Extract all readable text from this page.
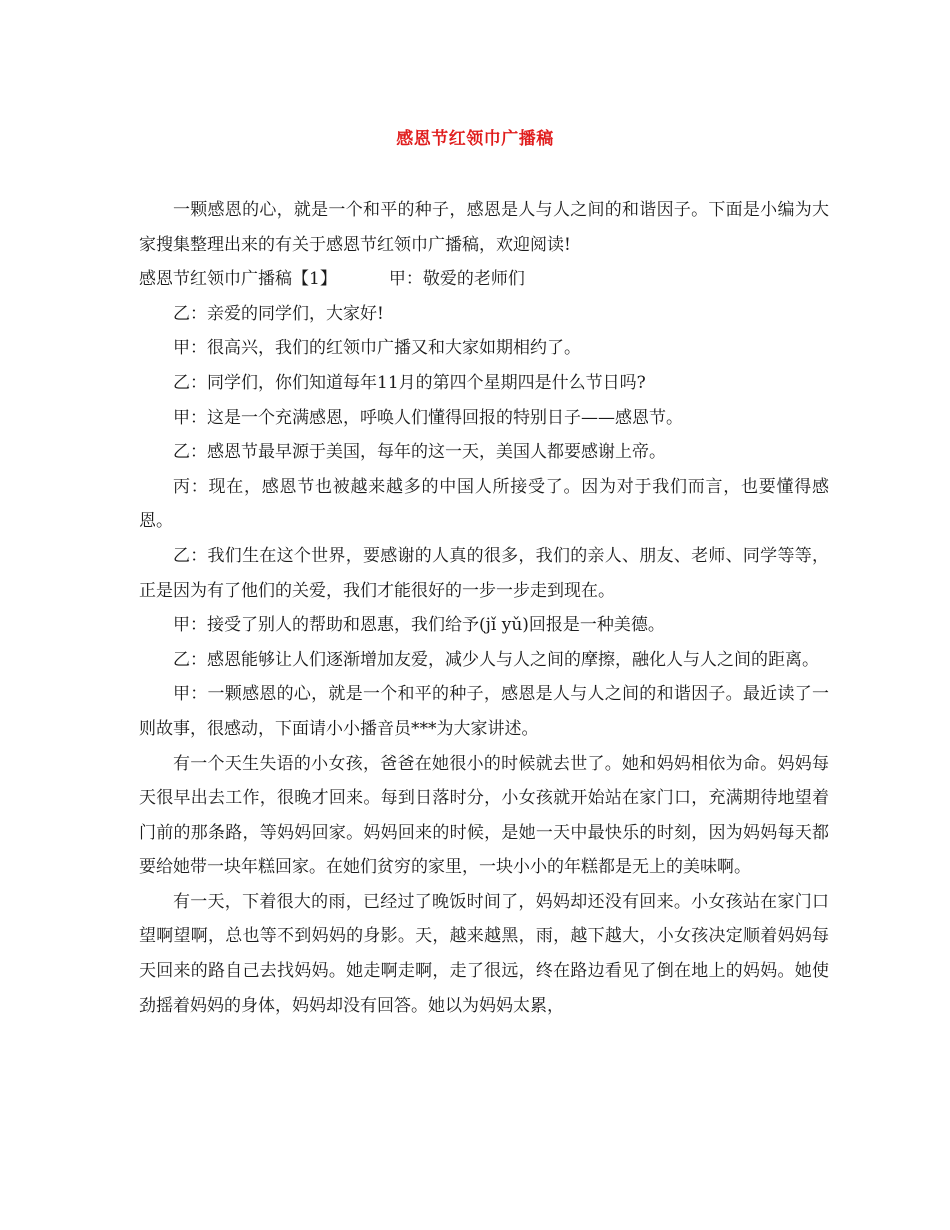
感恩节红领巾广播稿

一颗感恩的心，就是一个和平的种子，感恩是人与人之间的和谐因子。下面是小编为大家搜集整理出来的有关于感恩节红领巾广播稿，欢迎阅读!

感恩节红领巾广播稿【1】	甲：敬爱的老师们

乙：亲爱的同学们，大家好!

甲：很高兴，我们的红领巾广播又和大家如期相约了。

乙：同学们，你们知道每年11月的第四个星期四是什么节日吗?

甲：这是一个充满感恩，呼唤人们懂得回报的特别日子——感恩节。

乙：感恩节最早源于美国，每年的这一天，美国人都要感谢上帝。

丙：现在，感恩节也被越来越多的中国人所接受了。因为对于我们而言，也要懂得感恩。

乙：我们生在这个世界，要感谢的人真的很多，我们的亲人、朋友、老师、同学等等，正是因为有了他们的关爱，我们才能很好的一步一步走到现在。

甲：接受了别人的帮助和恩惠，我们给予(jǐ yǔ)回报是一种美德。

乙：感恩能够让人们逐渐增加友爱，减少人与人之间的摩擦，融化人与人之间的距离。

甲：一颗感恩的心，就是一个和平的种子，感恩是人与人之间的和谐因子。最近读了一则故事，很感动，下面请小小播音员***为大家讲述。

有一个天生失语的小女孩，爸爸在她很小的时候就去世了。她和妈妈相依为命。妈妈每天很早出去工作，很晚才回来。每到日落时分，小女孩就开始站在家门口，充满期待地望着门前的那条路，等妈妈回家。妈妈回来的时候，是她一天中最快乐的时刻，因为妈妈每天都要给她带一块年糕回家。在她们贫穷的家里，一块小小的年糕都是无上的美味啊。

有一天，下着很大的雨，已经过了晚饭时间了，妈妈却还没有回来。小女孩站在家门口望啊望啊，总也等不到妈妈的身影。天，越来越黑，雨，越下越大，小女孩决定顺着妈妈每天回来的路自己去找妈妈。她走啊走啊，走了很远，终在路边看见了倒在地上的妈妈。她使劲摇着妈妈的身体，妈妈却没有回答。她以为妈妈太累，
